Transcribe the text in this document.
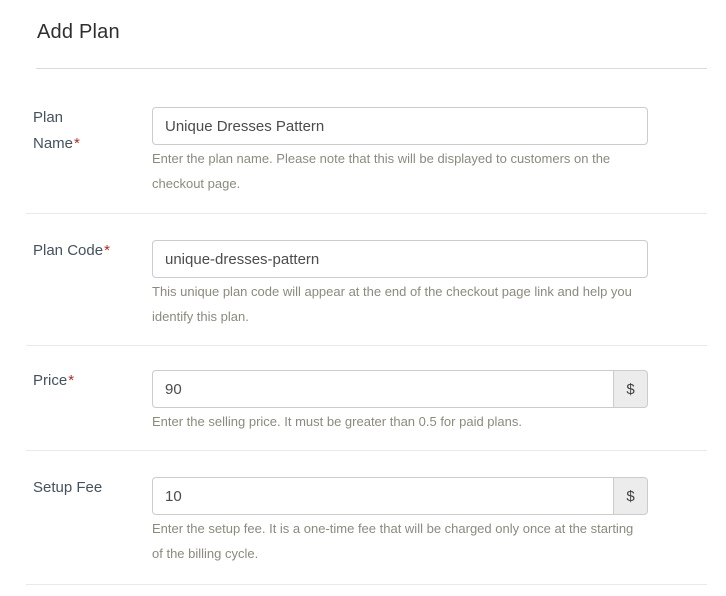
Add Plan
Plan Name*
Unique Dresses Pattern
Enter the plan name. Please note that this will be displayed to customers on the
checkout page.
Plan Code*
unique-dresses-pattern
This unique plan code will appear at the end of the checkout page link and help you
identify this plan.
Price*
90	$
Enter the selling price. It must be greater than 0.5 for paid plans.
Setup Fee
10	$
Enter the setup fee. It is a one-time fee that will be charged only once at the starting
of the billing cycle.
